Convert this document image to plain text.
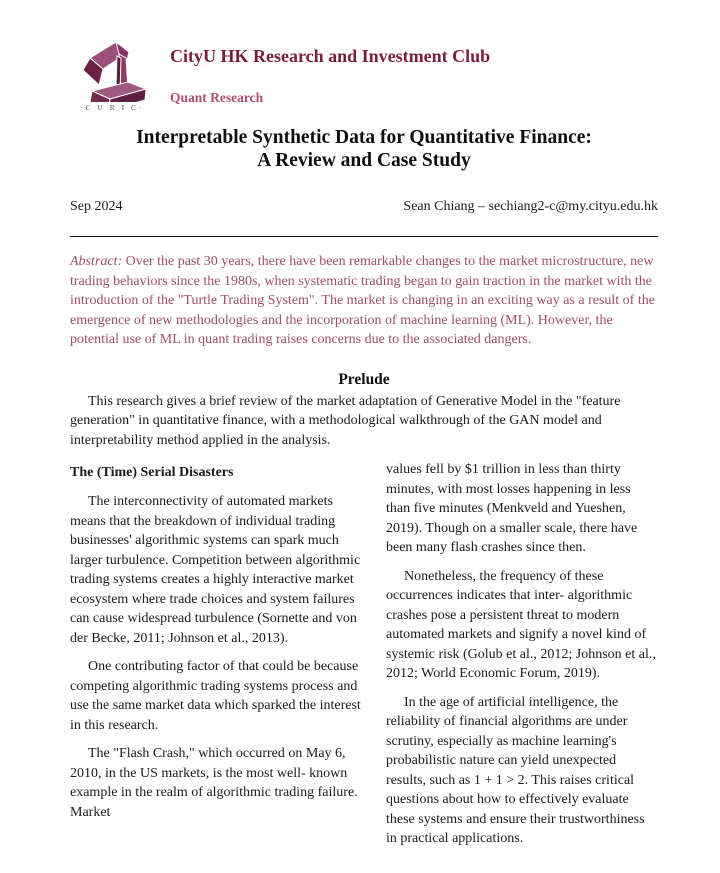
·C U R I C·
CityU HK Research and Investment Club
Quant Research
Interpretable Synthetic Data for Quantitative Finance:
A Review and Case Study
Sep 2024	Sean Chiang – sechiang2-c@my.cityu.edu.hk

Abstract: Over the past 30 years, there have been remarkable changes to the market microstructure, new trading behaviors since the 1980s, when systematic trading began to gain traction in the market with the introduction of the "Turtle Trading System". The market is changing in an exciting way as a result of the emergence of new methodologies and the incorporation of machine learning (ML). However, the potential use of ML in quant trading raises concerns due to the associated dangers.

Prelude

This research gives a brief review of the market adaptation of Generative Model in the "feature generation" in quantitative finance, with a methodological walkthrough of the GAN model and interpretability method applied in the analysis.

The (Time) Serial Disasters

The interconnectivity of automated markets means that the breakdown of individual trading businesses' algorithmic systems can spark much larger turbulence. Competition between algorithmic trading systems creates a highly interactive market ecosystem where trade choices and system failures can cause widespread turbulence (Sornette and von der Becke, 2011; Johnson et al., 2013).

One contributing factor of that could be because competing algorithmic trading systems process and use the same market data which sparked the interest in this research.

The "Flash Crash," which occurred on May 6, 2010, in the US markets, is the most well- known example in the realm of algorithmic trading failure. Market

values fell by $1 trillion in less than thirty minutes, with most losses happening in less than five minutes (Menkveld and Yueshen, 2019). Though on a smaller scale, there have been many flash crashes since then.

Nonetheless, the frequency of these occurrences indicates that inter- algorithmic crashes pose a persistent threat to modern automated markets and signify a novel kind of systemic risk (Golub et al., 2012; Johnson et al., 2012; World Economic Forum, 2019).

In the age of artificial intelligence, the reliability of financial algorithms are under scrutiny, especially as machine learning's probabilistic nature can yield unexpected results, such as 1 + 1 > 2. This raises critical questions about how to effectively evaluate these systems and ensure their trustworthiness in practical applications.
